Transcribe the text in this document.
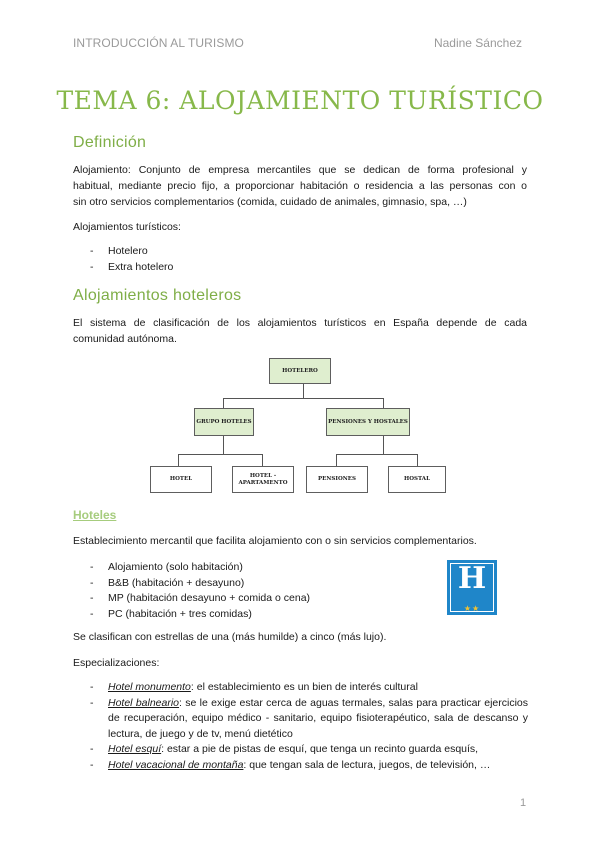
INTRODUCCIÓN AL TURISMO	Nadine Sánchez
TEMA 6: ALOJAMIENTO TURÍSTICO
Definición
Alojamiento: Conjunto de empresa mercantiles que se dedican de forma profesional y
habitual, mediante precio fijo, a proporcionar habitación o residencia a las personas con o
sin otro servicios complementarios (comida, cuidado de animales, gimnasio, spa, …)
Alojamientos turísticos:
- Hotelero
- Extra hotelero
Alojamientos hoteleros
El sistema de clasificación de los alojamientos turísticos en España depende de cada
comunidad autónoma.
HOTELERO
GRUPO HOTELES	PENSIONES Y HOSTALES
HOTEL
HOTEL - APARTAMENTO
PENSIONES	HOSTAL
Hoteles
Establecimiento mercantil que facilita alojamiento con o sin servicios complementarios.
- Alojamiento (solo habitación)
- B&B (habitación + desayuno)
- MP (habitación desayuno + comida o cena)
- PC (habitación + tres comidas)
H
★★
Se clasifican con estrellas de una (más humilde) a cinco (más lujo).
Especializaciones:
- Hotel monumento: el establecimiento es un bien de interés cultural
- Hotel balneario: se le exige estar cerca de aguas termales, salas para practicar ejercicios de recuperación, equipo médico - sanitario, equipo fisioterapéutico, sala de descanso y lectura, de juego y de tv, menú dietético
- Hotel esquí: estar a pie de pistas de esquí, que tenga un recinto guarda esquís,
- Hotel vacacional de montaña: que tengan sala de lectura, juegos, de televisión, …
1
